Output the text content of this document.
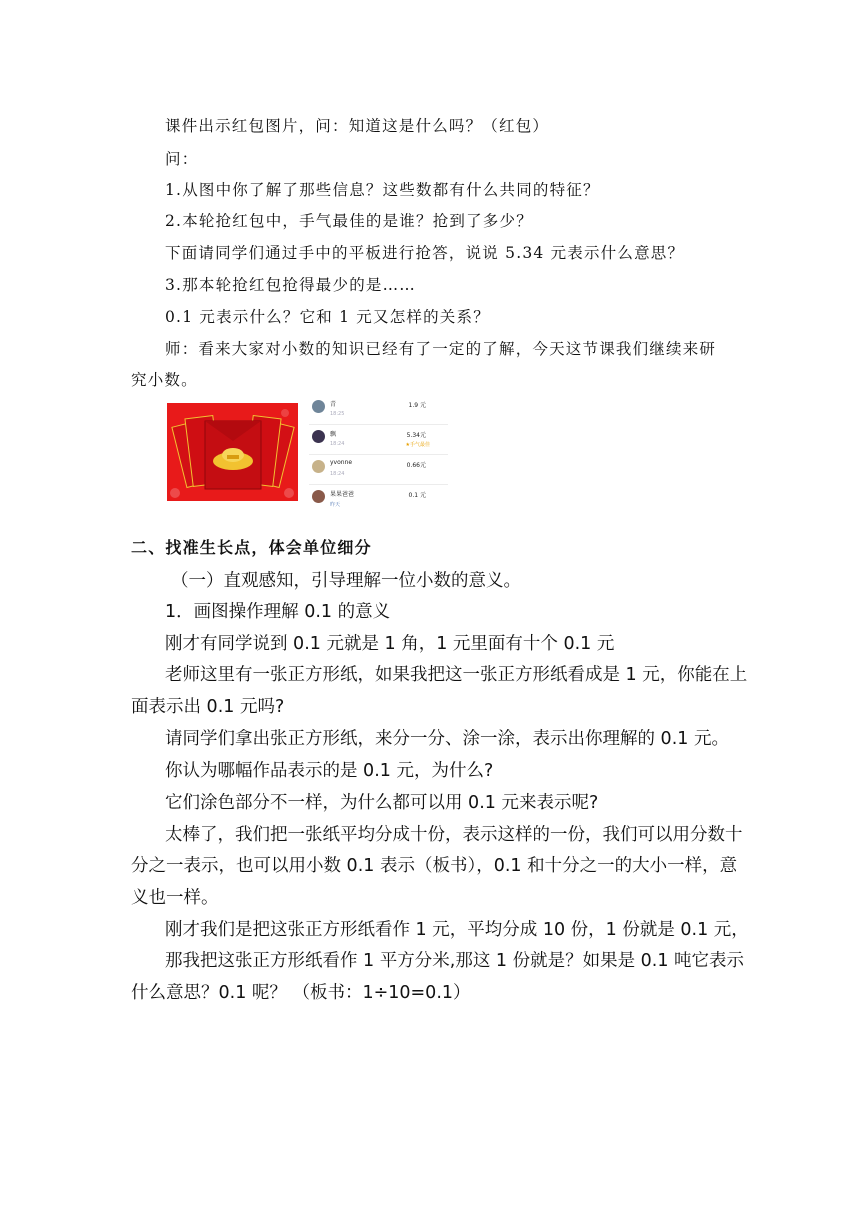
课件出示红包图片，问：知道这是什么吗？（红包）
问：
1.从图中你了解了那些信息？这些数都有什么共同的特征？
2.本轮抢红包中，手气最佳的是谁？抢到了多少？
下面请同学们通过手中的平板进行抢答，说说 5.34 元表示什么意思？
3.那本轮抢红包抢得最少的是……
0.1 元表示什么？它和 1 元又怎样的关系？
师：看来大家对小数的知识已经有了一定的了解，今天这节课我们继续来研
究小数。
青
18:25
1.9 元
飘
18:24
5.34元
★手气最佳
yvonne
18:24
0.66元
果果爸爸
昨天
0.1 元
二、找准生长点，体会单位细分
（一）直观感知，引导理解一位小数的意义。
1．画图操作理解 0.1 的意义
刚才有同学说到 0.1 元就是 1 角，1 元里面有十个 0.1 元
老师这里有一张正方形纸，如果我把这一张正方形纸看成是 1 元，你能在上
面表示出 0.1 元吗?
请同学们拿出张正方形纸，来分一分、涂一涂，表示出你理解的 0.1 元。
你认为哪幅作品表示的是 0.1 元，为什么?
它们涂色部分不一样，为什么都可以用 0.1 元来表示呢?
太棒了，我们把一张纸平均分成十份，表示这样的一份，我们可以用分数十
分之一表示，也可以用小数 0.1 表示（板书），0.1 和十分之一的大小一样，意
义也一样。
刚才我们是把这张正方形纸看作 1 元，平均分成 10 份，1 份就是 0.1 元，
那我把这张正方形纸看作 1 平方分米,那这 1 份就是？如果是 0.1 吨它表示
什么意思？0.1 呢？ （板书：1÷10=0.1）
